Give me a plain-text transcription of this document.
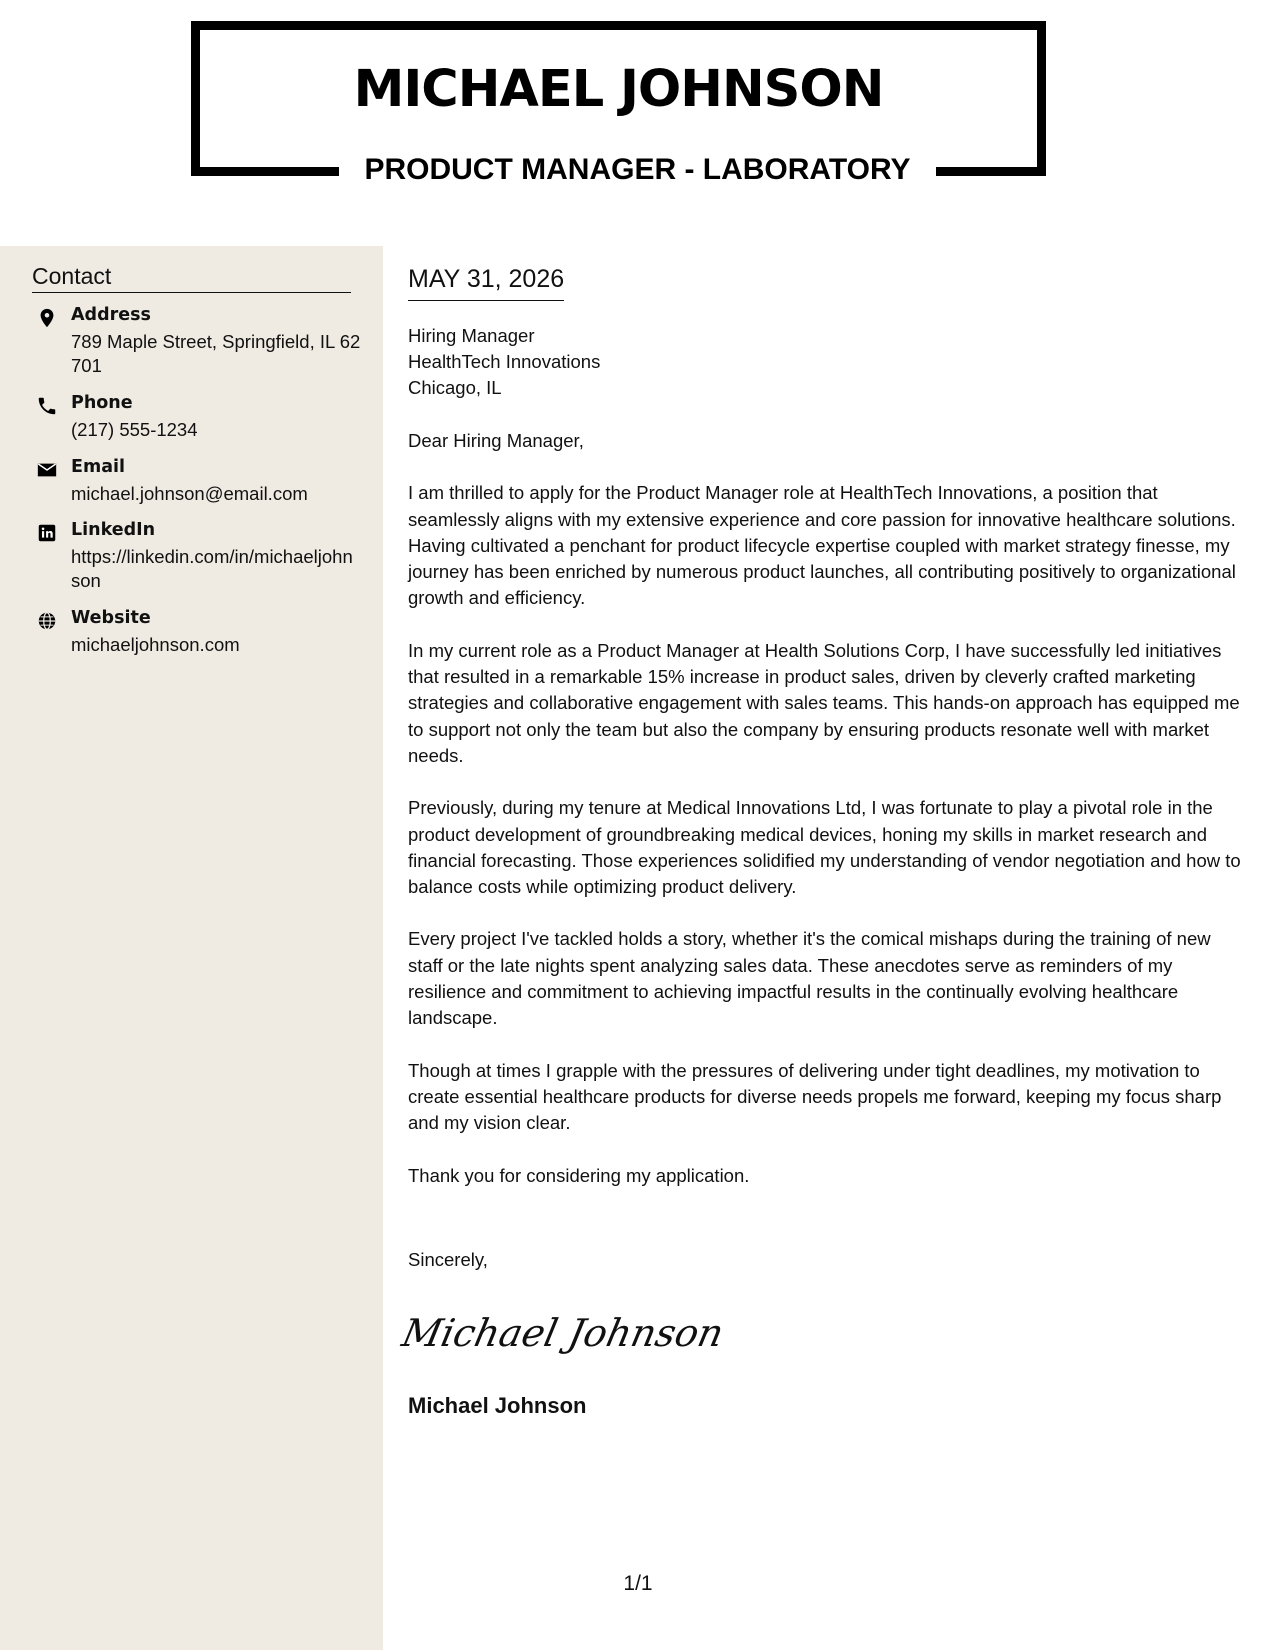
MICHAEL JOHNSON
PRODUCT MANAGER - LABORATORY
Contact
Address
789 Maple Street, Springfield, IL 62701
Phone
(217) 555-1234
Email
michael.johnson@email.com
LinkedIn
https://linkedin.com/in/michaeljohnson
Website
michaeljohnson.com
MAY 31, 2026
Hiring Manager
HealthTech Innovations
Chicago, IL

Dear Hiring Manager,

I am thrilled to apply for the Product Manager role at HealthTech Innovations, a position that seamlessly aligns with my extensive experience and core passion for innovative healthcare solutions. Having cultivated a penchant for product lifecycle expertise coupled with market strategy finesse, my journey has been enriched by numerous product launches, all contributing positively to organizational growth and efficiency.

In my current role as a Product Manager at Health Solutions Corp, I have successfully led initiatives that resulted in a remarkable 15% increase in product sales, driven by cleverly crafted marketing strategies and collaborative engagement with sales teams. This hands-on approach has equipped me to support not only the team but also the company by ensuring products resonate well with market needs.

Previously, during my tenure at Medical Innovations Ltd, I was fortunate to play a pivotal role in the product development of groundbreaking medical devices, honing my skills in market research and financial forecasting. Those experiences solidified my understanding of vendor negotiation and how to balance costs while optimizing product delivery.

Every project I've tackled holds a story, whether it's the comical mishaps during the training of new staff or the late nights spent analyzing sales data. These anecdotes serve as reminders of my resilience and commitment to achieving impactful results in the continually evolving healthcare landscape.

Though at times I grapple with the pressures of delivering under tight deadlines, my motivation to create essential healthcare products for diverse needs propels me forward, keeping my focus sharp and my vision clear.

Thank you for considering my application.

Sincerely,
Michael Johnson
Michael Johnson
1/1
